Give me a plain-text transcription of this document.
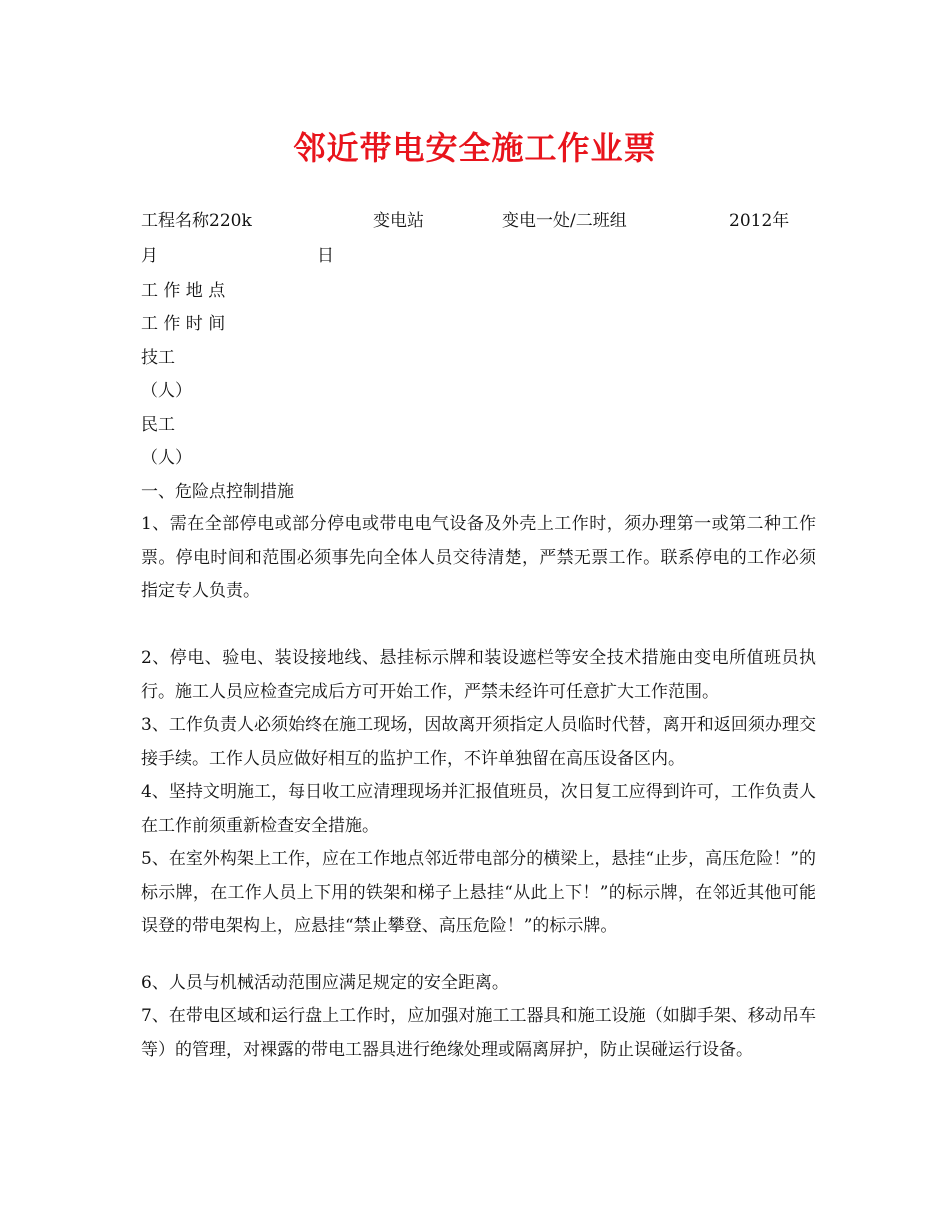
邻近带电安全施工作业票
工程名称220k	变电站	变电一处/二班组	2012年
月	日
工 作 地 点
工 作 时 间
技工
（人）
民工
（人）
一、危险点控制措施
1、需在全部停电或部分停电或带电电气设备及外壳上工作时，须办理第一或第二种工作票。停电时间和范围必须事先向全体人员交待清楚，严禁无票工作。联系停电的工作必须指定专人负责。
2、停电、验电、装设接地线、悬挂标示牌和装设遮栏等安全技术措施由变电所值班员执行。施工人员应检查完成后方可开始工作，严禁未经许可任意扩大工作范围。
3、工作负责人必须始终在施工现场，因故离开须指定人员临时代替，离开和返回须办理交接手续。工作人员应做好相互的监护工作，不许单独留在高压设备区内。
4、坚持文明施工，每日收工应清理现场并汇报值班员，次日复工应得到许可，工作负责人在工作前须重新检查安全措施。
5、在室外构架上工作，应在工作地点邻近带电部分的横梁上，悬挂“止步，高压危险！”的标示牌，在工作人员上下用的铁架和梯子上悬挂“从此上下！”的标示牌，在邻近其他可能误登的带电架构上，应悬挂“禁止攀登、高压危险！”的标示牌。
6、人员与机械活动范围应满足规定的安全距离。
7、在带电区域和运行盘上工作时，应加强对施工工器具和施工设施（如脚手架、移动吊车等）的管理，对裸露的带电工器具进行绝缘处理或隔离屏护，防止误碰运行设备。
